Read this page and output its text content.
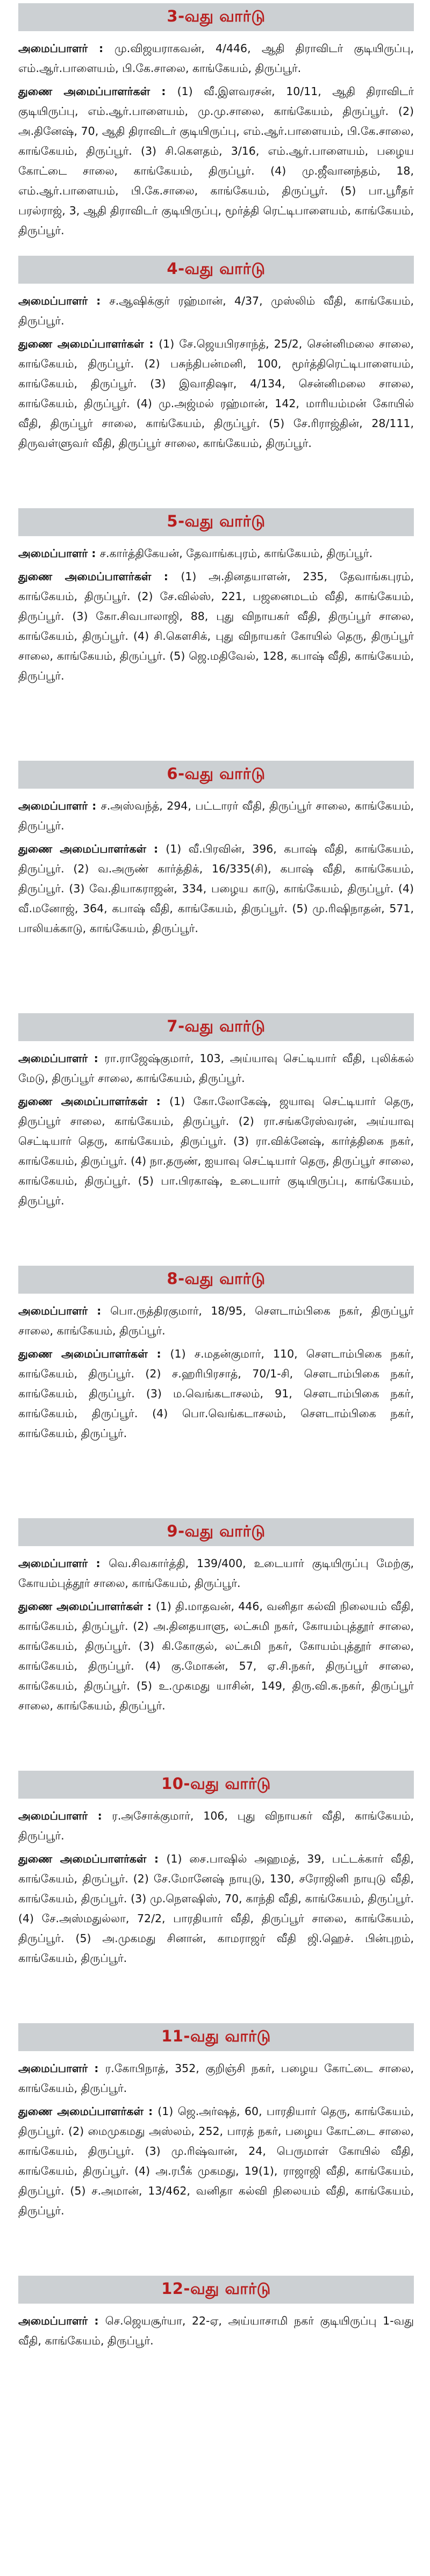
3-வது வார்டு

அமைப்பாளர் : மு.விஜயராகவன், 4/446, ஆதி திராவிடர் குடியிருப்பு, எம்.ஆர்.பாளையம், பி.கே.சாலை, காங்கேயம், திருப்பூர்.

துணை அமைப்பாளர்கள் : (1) வீ.இளவரசன், 10/11, ஆதி திராவிடர் குடியிருப்பு, எம்.ஆர்.பாளையம், மு.மு.சாலை, காங்கேயம், திருப்பூர். (2) அ.தினேஷ், 70, ஆதி திராவிடர் குடியிருப்பு, எம்.ஆர்.பாளையம், பி.கே.சாலை, காங்கேயம், திருப்பூர். (3) சி.கௌதம், 3/16, எம்.ஆர்.பாளையம், பழைய கோட்டை சாலை, காங்கேயம், திருப்பூர். (4) மு.ஜீவானந்தம், 18, எம்.ஆர்.பாளையம், பி.கே.சாலை, காங்கேயம், திருப்பூர். (5) பா.பூரீதர் பரல்ராஜ், 3, ஆதி திராவிடர் குடியிருப்பு, மூர்த்தி ரெட்டிபாளையம், காங்கேயம், திருப்பூர்.

4-வது வார்டு

அமைப்பாளர் : ச.ஆஷிக்குர் ரஹ்மான், 4/37, முஸ்லிம் வீதி, காங்கேயம், திருப்பூர்.

துணை அமைப்பாளர்கள் : (1) சே.ஜெயபிரசாந்த், 25/2, சென்னிமலை சாலை, காங்கேயம், திருப்பூர். (2) பசுந்திபன்மனி, 100, மூர்த்திரெட்டிபாளையம், காங்கேயம், திருப்பூர். (3) இவாதிஷா, 4/134, சென்னிமலை சாலை, காங்கேயம், திருப்பூர். (4) மு.அஜ்மல் ரஹ்மான், 142, மாரியம்மன் கோயில் வீதி, திருப்பூர் சாலை, காங்கேயம், திருப்பூர். (5) சே.ரிராஜ்தின், 28/111, திருவள்ளுவர் வீதி, திருப்பூர் சாலை, காங்கேயம், திருப்பூர்.

5-வது வார்டு

அமைப்பாளர் : ச.கார்த்திகேயன், தேவாங்கபுரம், காங்கேயம், திருப்பூர்.

துணை அமைப்பாளர்கள் : (1) அ.தினதயாளன், 235, தேவாங்கபுரம், காங்கேயம், திருப்பூர். (2) சே.வில்ஸ், 221, பஜனைமடம் வீதி, காங்கேயம், திருப்பூர். (3) கோ.சிவபாலாஜி, 88, புது விநாயகர் வீதி, திருப்பூர் சாலை, காங்கேயம், திருப்பூர். (4) சி.கௌசிக், புது விநாயகர் கோயில் தெரு, திருப்பூர் சாலை, காங்கேயம், திருப்பூர். (5) ஜெ.மதிவேல், 128, கபாஷ் வீதி, காங்கேயம், திருப்பூர்.

6-வது வார்டு

அமைப்பாளர் : ச.அஸ்வந்த், 294, பட்டாரர் வீதி, திருப்பூர் சாலை, காங்கேயம், திருப்பூர்.

துணை அமைப்பாளர்கள் : (1) வீ.பிரவின், 396, கபாஷ் வீதி, காங்கேயம், திருப்பூர். (2) வ.அருண் கார்த்திக், 16/335(சி), கபாஷ் வீதி, காங்கேயம், திருப்பூர். (3) வே.தியாகராஜன், 334, பழைய காடு, காங்கேயம், திருப்பூர். (4) வீ.மனோஜ், 364, கபாஷ் வீதி, காங்கேயம், திருப்பூர். (5) மு.ரிஷிநாதன், 571, பாலியக்காடு, காங்கேயம், திருப்பூர்.

7-வது வார்டு

அமைப்பாளர் : ரா.ராஜேஷ்குமார், 103, அய்யாவு செட்டியார் வீதி, புலிக்கல் மேடு, திருப்பூர் சாலை, காங்கேயம், திருப்பூர்.

துணை அமைப்பாளர்கள் : (1) கோ.லோகேஷ், ஜயாவு செட்டியார் தெரு, திருப்பூர் சாலை, காங்கேயம், திருப்பூர். (2) ரா.சங்கரேஸ்வரன், அய்யாவு செட்டியார் தெரு, காங்கேயம், திருப்பூர். (3) ரா.விக்னேஷ், கார்த்திகை நகர், காங்கேயம், திருப்பூர். (4) நா.தருண், ஐயாவு செட்டியார் தெரு, திருப்பூர் சாலை, காங்கேயம், திருப்பூர். (5) பா.பிரகாஷ், உடையார் குடியிருப்பு, காங்கேயம், திருப்பூர்.

8-வது வார்டு

அமைப்பாளர் : பொ.ருத்திரகுமார், 18/95, சௌடாம்பிகை நகர், திருப்பூர் சாலை, காங்கேயம், திருப்பூர்.

துணை அமைப்பாளர்கள் : (1) ச.மதன்குமார், 110, சௌடாம்பிகை நகர், காங்கேயம், திருப்பூர். (2) ச.ஹரிபிரசாத், 70/1-சி, சௌடாம்பிகை நகர், காங்கேயம், திருப்பூர். (3) ம.வெங்கடாசலம், 91, சௌடாம்பிகை நகர், காங்கேயம், திருப்பூர். (4) பொ.வெங்கடாசலம், சௌடாம்பிகை நகர், காங்கேயம், திருப்பூர்.

9-வது வார்டு

அமைப்பாளர் : வெ.சிவகார்த்தி, 139/400, உடையார் குடியிருப்பு மேற்கு, கோயம்புத்தூர் சாலை, காங்கேயம், திருப்பூர்.

துணை அமைப்பாளர்கள் : (1) தி.மாதவன், 446, வனிதா கல்வி நிலையம் வீதி, காங்கேயம், திருப்பூர். (2) அ.தினதயாளு, லட்சுமி நகர், கோயம்புத்தூர் சாலை, காங்கேயம், திருப்பூர். (3) கி.கோகுல், லட்சுமி நகர், கோயம்புத்தூர் சாலை, காங்கேயம், திருப்பூர். (4) கு.மோகன், 57, ஏ.சி.நகர், திருப்பூர் சாலை, காங்கேயம், திருப்பூர். (5) உ.முகமது யாசின், 149, திரு.வி.க.நகர், திருப்பூர் சாலை, காங்கேயம், திருப்பூர்.

10-வது வார்டு

அமைப்பாளர் : ர.அசோக்குமார், 106, புது விநாயகர் வீதி, காங்கேயம், திருப்பூர்.

துணை அமைப்பாளர்கள் : (1) சை.பாஷில் அஹமத், 39, பட்டக்கார் வீதி, காங்கேயம், திருப்பூர். (2) சே.மோனேஷ் நாயுடு, 130, சரோஜினி நாயுடு வீதி, காங்கேயம், திருப்பூர். (3) மு.நௌஷிஸ், 70, காந்தி வீதி, காங்கேயம், திருப்பூர். (4) சே.அஸ்மதுல்லா, 72/2, பாரதியார் வீதி, திருப்பூர் சாலை, காங்கேயம், திருப்பூர். (5) அ.முகமது சினான், காமராஜர் வீதி ஜி.ஹெச். பின்புறம், காங்கேயம், திருப்பூர்.

11-வது வார்டு

அமைப்பாளர் : ர.கோபிநாத், 352, குறிஞ்சி நகர், பழைய கோட்டை சாலை, காங்கேயம், திருப்பூர்.

துணை அமைப்பாளர்கள் : (1) ஜெ.அர்ஷத், 60, பாரதியார் தெரு, காங்கேயம், திருப்பூர். (2) மைமுகமது அஸ்லம், 252, பாரத் நகர், பழைய கோட்டை சாலை, காங்கேயம், திருப்பூர். (3) மு.ரிஷ்வான், 24, பெருமாள் கோயில் வீதி, காங்கேயம், திருப்பூர். (4) அ.ரபீக் முகமது, 19(1), ராஜாஜி வீதி, காங்கேயம், திருப்பூர். (5) ச.அமான், 13/462, வனிதா கல்வி நிலையம் வீதி, காங்கேயம், திருப்பூர்.

12-வது வார்டு

அமைப்பாளர் : செ.ஜெயசூர்யா, 22-ஏ, அய்யாசாமி நகர் குடியிருப்பு 1-வது வீதி, காங்கேயம், திருப்பூர்.
